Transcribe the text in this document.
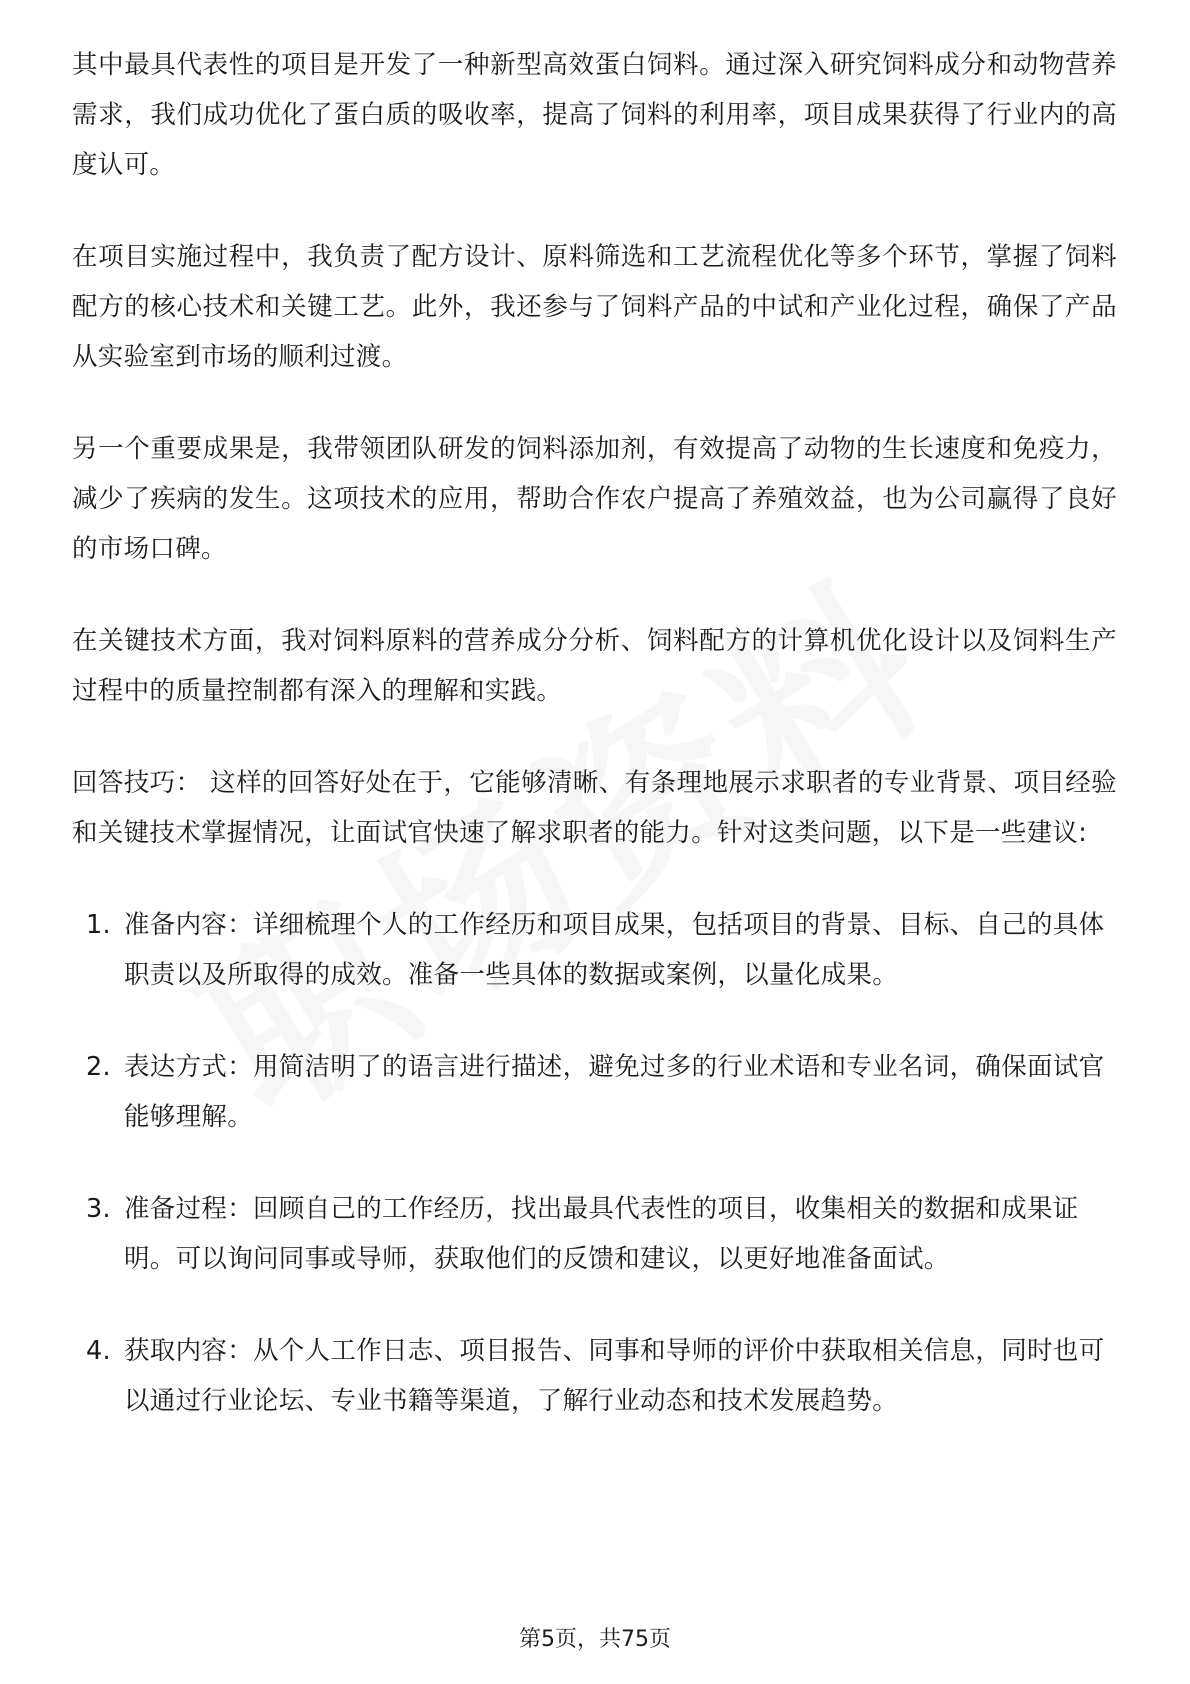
其中最具代表性的项目是开发了一种新型高效蛋白饲料。通过深入研究饲料成分和动物营养需求，我们成功优化了蛋白质的吸收率，提高了饲料的利用率，项目成果获得了行业内的高度认可。

在项目实施过程中，我负责了配方设计、原料筛选和工艺流程优化等多个环节，掌握了饲料配方的核心技术和关键工艺。此外，我还参与了饲料产品的中试和产业化过程，确保了产品从实验室到市场的顺利过渡。

另一个重要成果是，我带领团队研发的饲料添加剂，有效提高了动物的生长速度和免疫力，减少了疾病的发生。这项技术的应用，帮助合作农户提高了养殖效益，也为公司赢得了良好的市场口碑。

在关键技术方面，我对饲料原料的营养成分分析、饲料配方的计算机优化设计以及饲料生产过程中的质量控制都有深入的理解和实践。

回答技巧： 这样的回答好处在于，它能够清晰、有条理地展示求职者的专业背景、项目经验和关键技术掌握情况，让面试官快速了解求职者的能力。针对这类问题，以下是一些建议:

1. 准备内容：详细梳理个人的工作经历和项目成果，包括项目的背景、目标、自己的具体职责以及所取得的成效。准备一些具体的数据或案例，以量化成果。
2. 表达方式：用简洁明了的语言进行描述，避免过多的行业术语和专业名词，确保面试官能够理解。
3. 准备过程：回顾自己的工作经历，找出最具代表性的项目，收集相关的数据和成果证明。可以询问同事或导师，获取他们的反馈和建议，以更好地准备面试。
4. 获取内容：从个人工作日志、项目报告、同事和导师的评价中获取相关信息，同时也可以通过行业论坛、专业书籍等渠道，了解行业动态和技术发展趋势。
第5页，共75页
